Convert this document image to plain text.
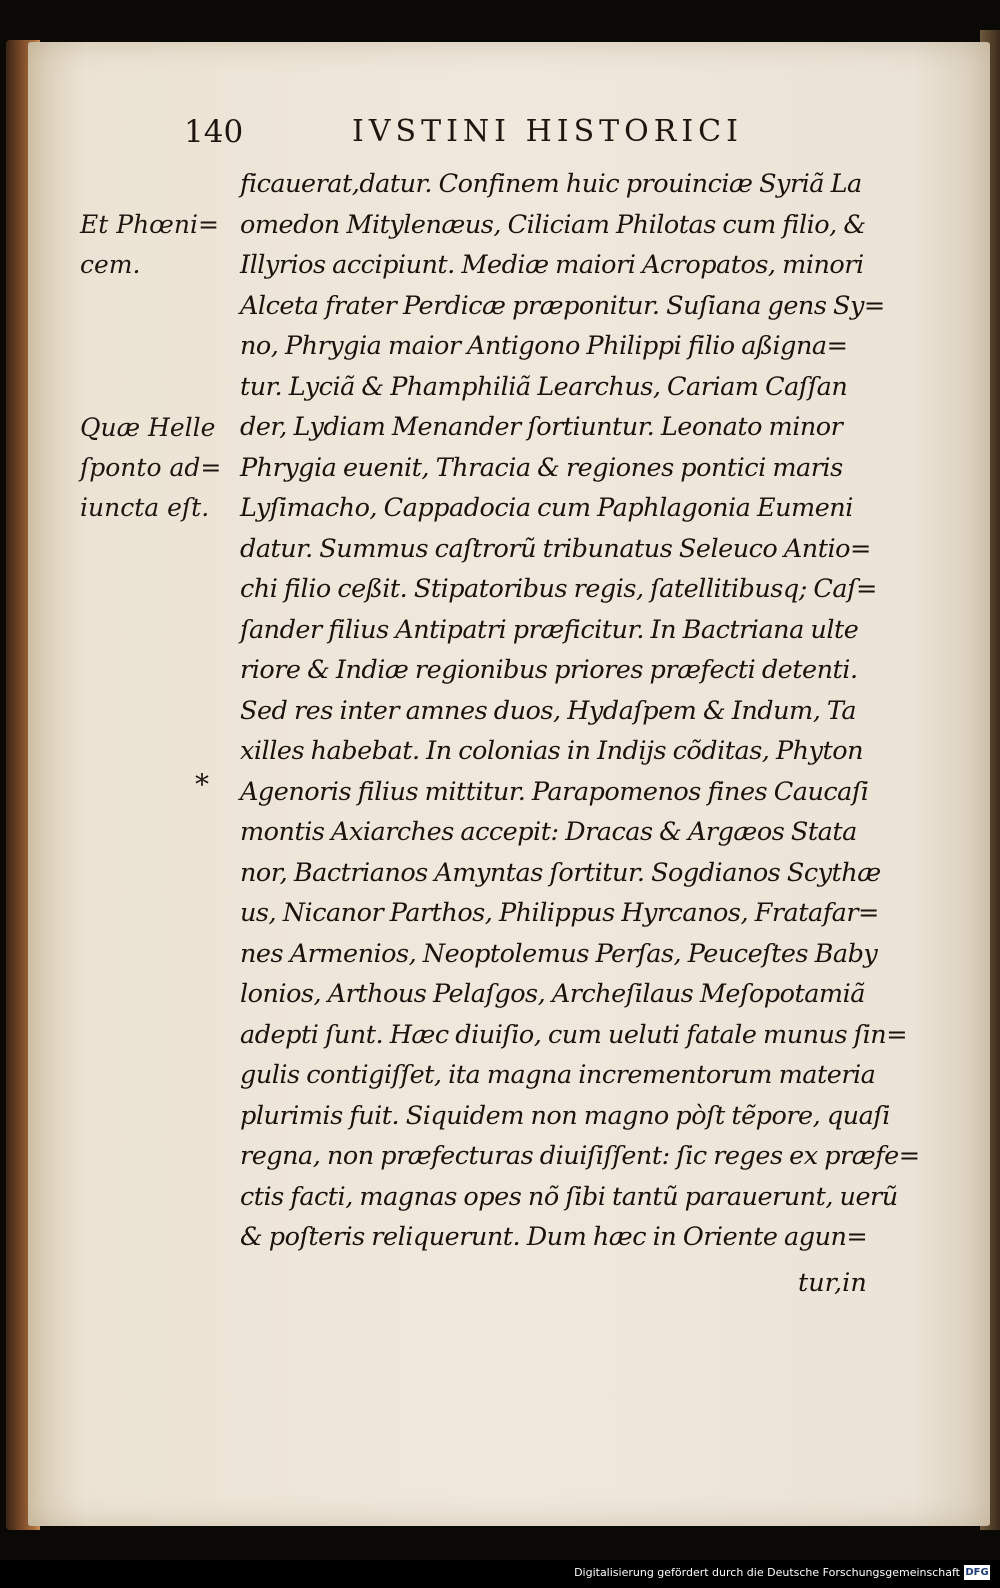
140	IVSTINI HISTORICI
Et Phœni=
cem.
Quæ Helle
ſponto ad=
iuncta eſt.
*
ficauerat,datur. Confinem huic prouinciæ Syriã La
omedon Mitylenæus, Ciliciam Philotas cum filio, &
Illyrios accipiunt. Mediæ maiori Acropatos, minori
Alceta frater Perdicæ præponitur. Suſiana gens Sy=
no, Phrygia maior Antigono Philippi filio aßigna=
tur. Lyciã & Phamphiliã Learchus, Cariam Caſſan
der, Lydiam Menander ſortiuntur. Leonato minor
Phrygia euenit, Thracia & regiones pontici maris
Lyſimacho, Cappadocia cum Paphlagonia Eumeni
datur. Summus caſtrorũ tribunatus Seleuco Antio=
chi filio ceßit. Stipatoribus regis, ſatellitibusq; Caſ=
ſander filius Antipatri præficitur. In Bactriana ulte
riore & Indiæ regionibus priores præfecti detenti.
Sed res inter amnes duos, Hydaſpem & Indum, Ta
xilles habebat. In colonias in Indijs cõditas, Phyton
Agenoris filius mittitur. Parapomenos fines Caucaſi
montis Axiarches accepit: Dracas & Argæos Stata
nor, Bactrianos Amyntas ſortitur. Sogdianos Scythæ
us, Nicanor Parthos, Philippus Hyrcanos, Fratafar=
nes Armenios, Neoptolemus Perſas, Peuceſtes Baby
lonios, Arthous Pelaſgos, Archeſilaus Meſopotamiã
adepti ſunt. Hæc diuiſio, cum ueluti fatale munus ſin=
gulis contigiſſet, ita magna incrementorum materia
plurimis fuit. Siquidem non magno pòſt tẽpore, quaſi
regna, non præfecturas diuiſiſſent: ſic reges ex præfe=
ctis facti, magnas opes nõ ſibi tantũ parauerunt, uerũ
& poſteris reliquerunt. Dum hæc in Oriente agun=
tur,in
Digitalisierung gefördert durch die Deutsche Forschungsgemeinschaft DFG
